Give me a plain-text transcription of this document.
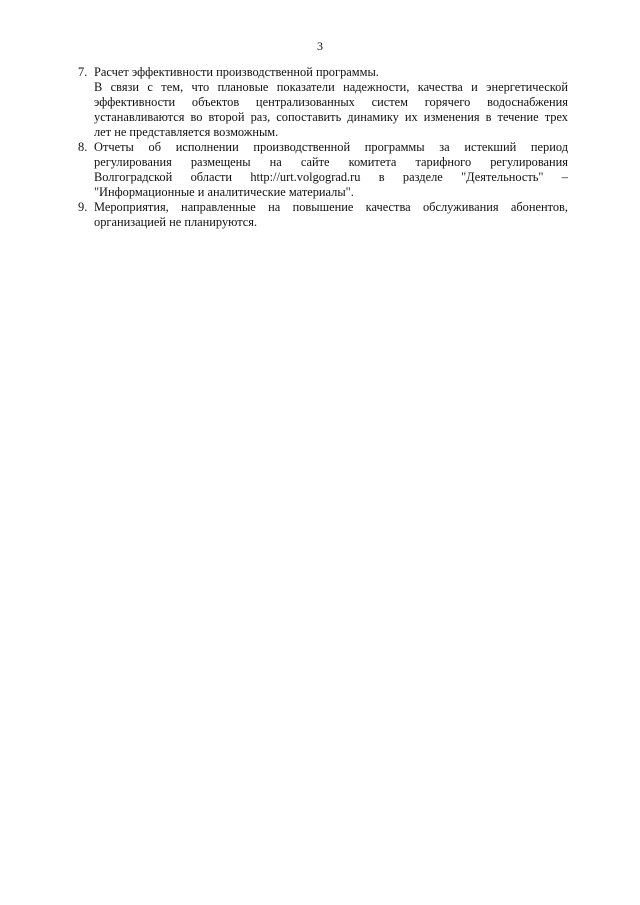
3
7. Расчет эффективности производственной программы.
В связи с тем, что плановые показатели надежности, качества и энергетической
эффективности объектов централизованных систем горячего водоснабжения
устанавливаются во второй раз, сопоставить динамику их изменения в течение трех
лет не представляется возможным.
8. Отчеты об исполнении производственной программы за истекший период
регулирования размещены на сайте комитета тарифного регулирования
Волгоградской области http://urt.volgograd.ru в разделе "Деятельность" –
"Информационные и аналитические материалы".
9. Мероприятия, направленные на повышение качества обслуживания абонентов,
организацией не планируются.
